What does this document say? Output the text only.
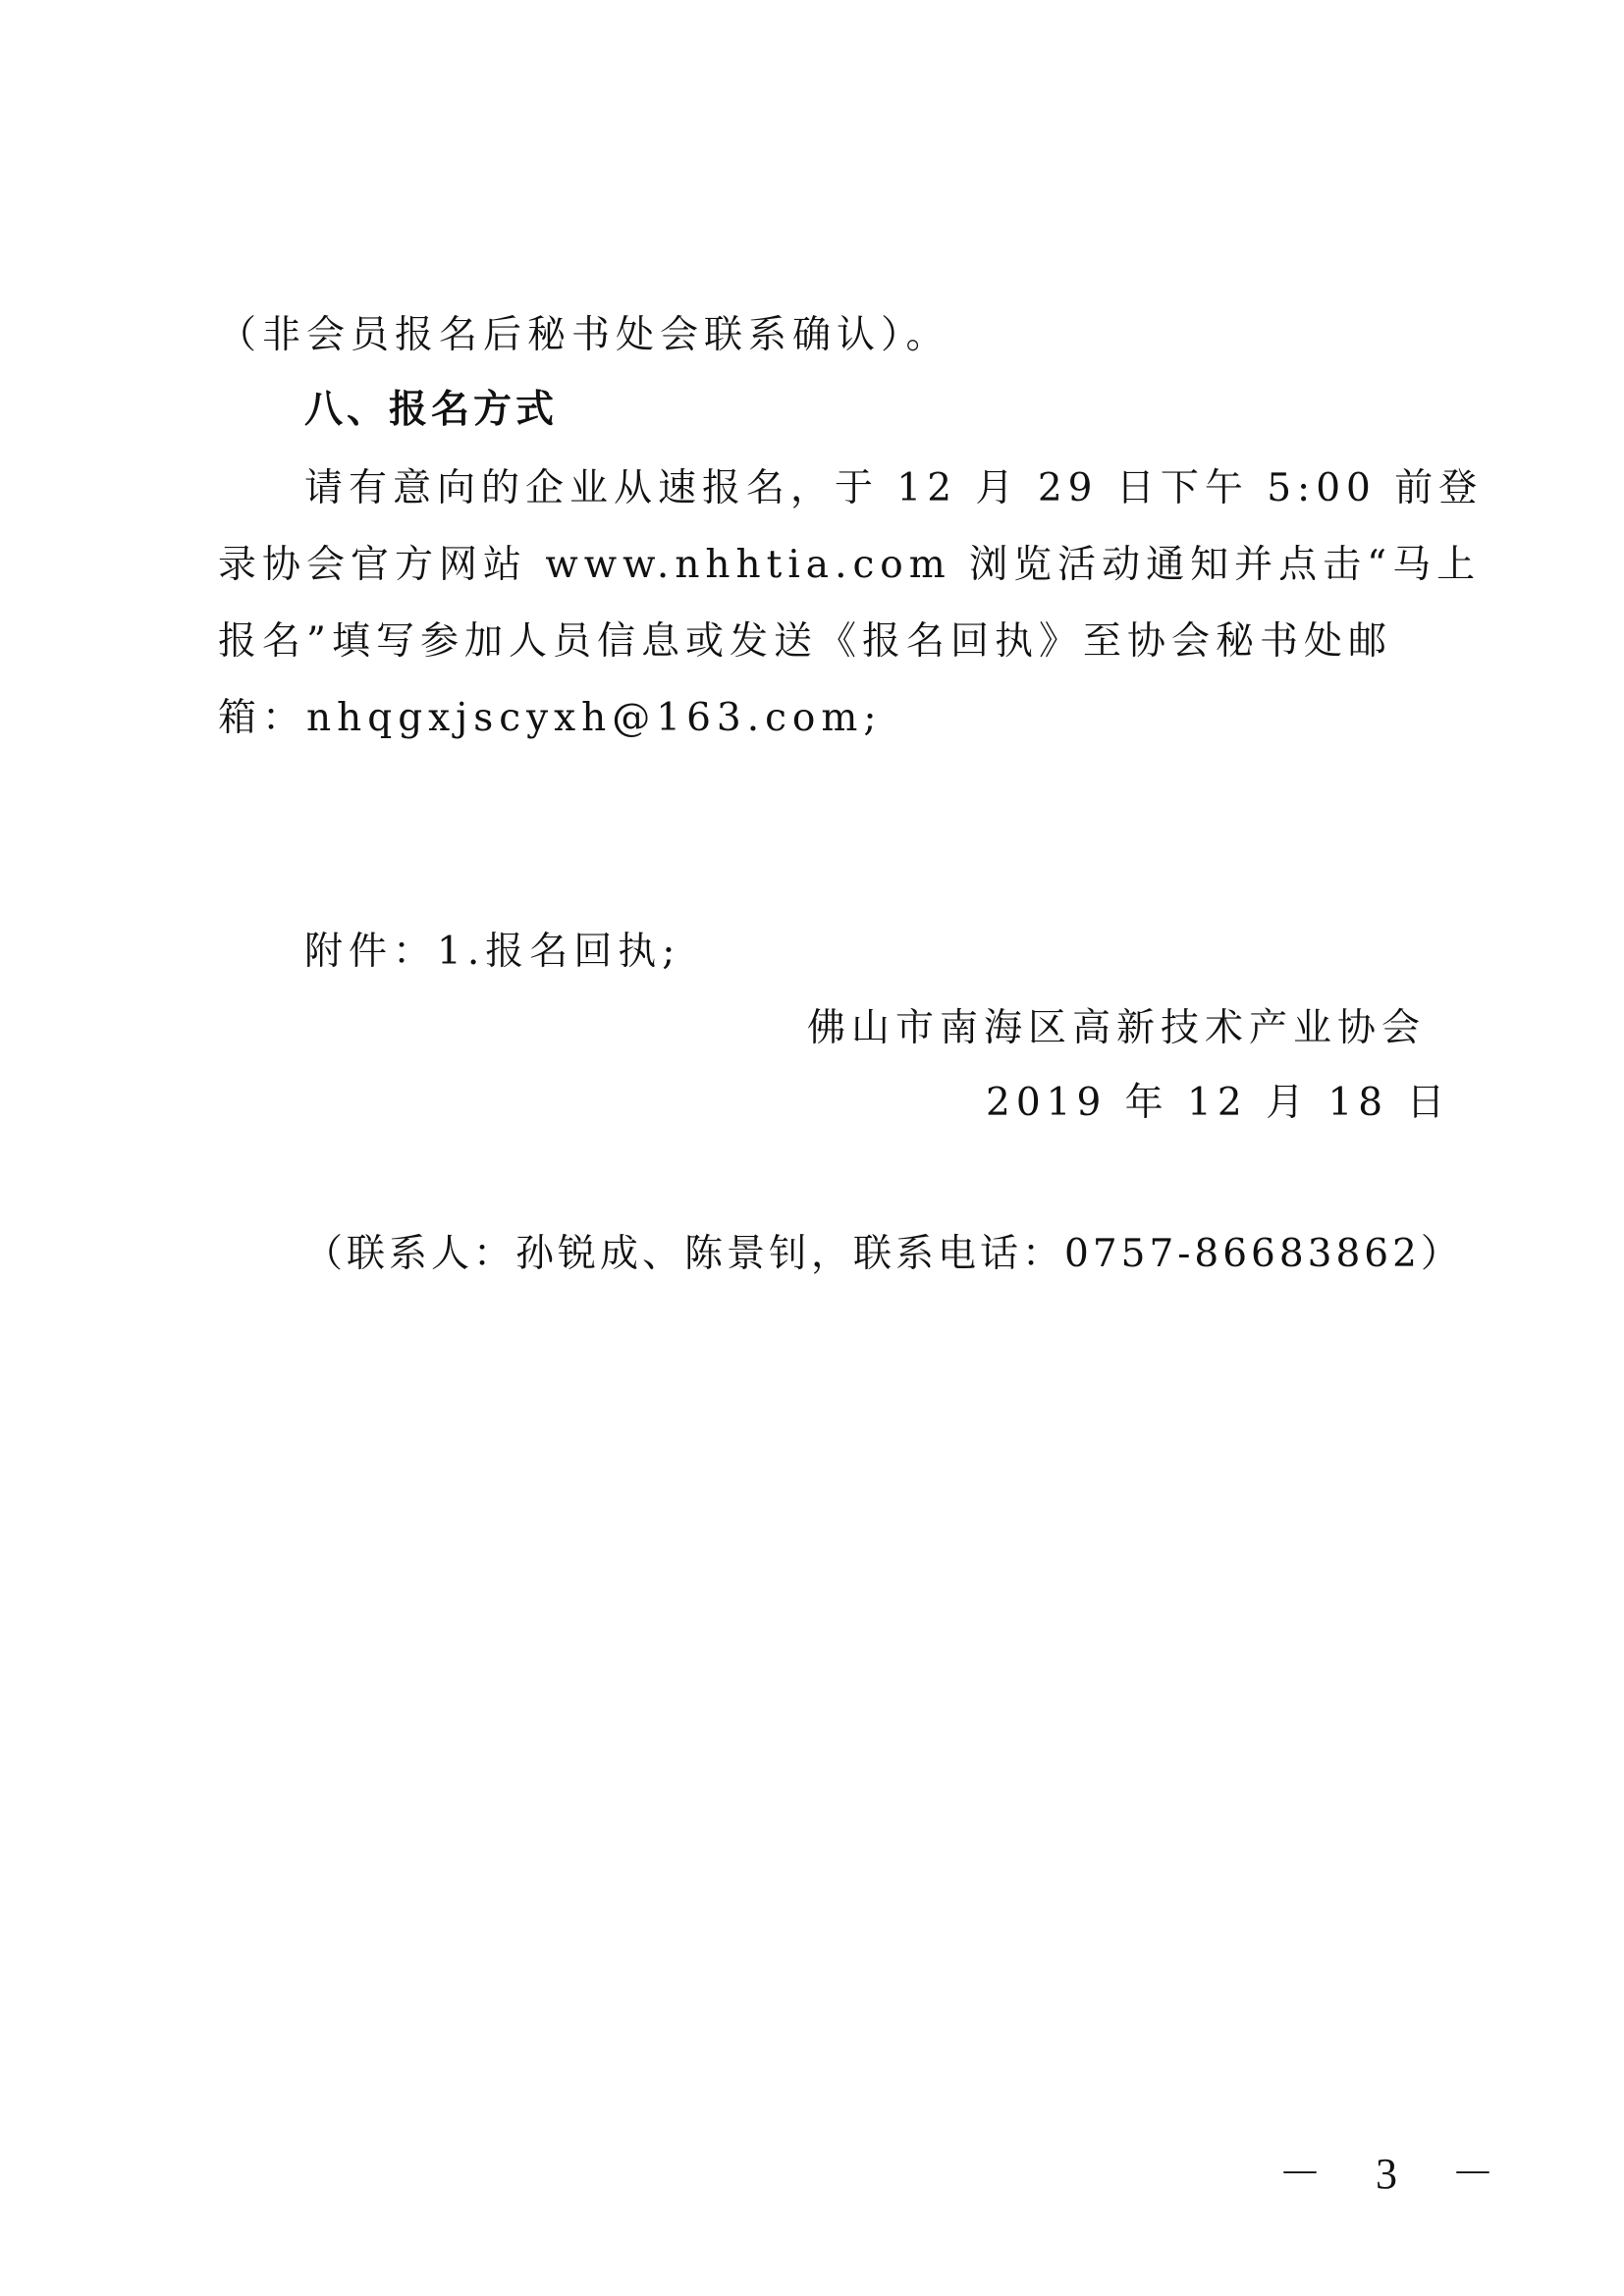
（非会员报名后秘书处会联系确认）。
八、报名方式
请有意向的企业从速报名，于 12 月 29 日下午 5:00 前登
录协会官方网站 www.nhhtia.com 浏览活动通知并点击“马上
报名”填写参加人员信息或发送《报名回执》至协会秘书处邮
箱：nhqgxjscyxh@163.com;
附件：1.报名回执;
佛山市南海区高新技术产业协会
2019 年 12 月 18 日
（联系人：孙锐成、陈景钊，联系电话：0757-86683862）
－ 3 －
